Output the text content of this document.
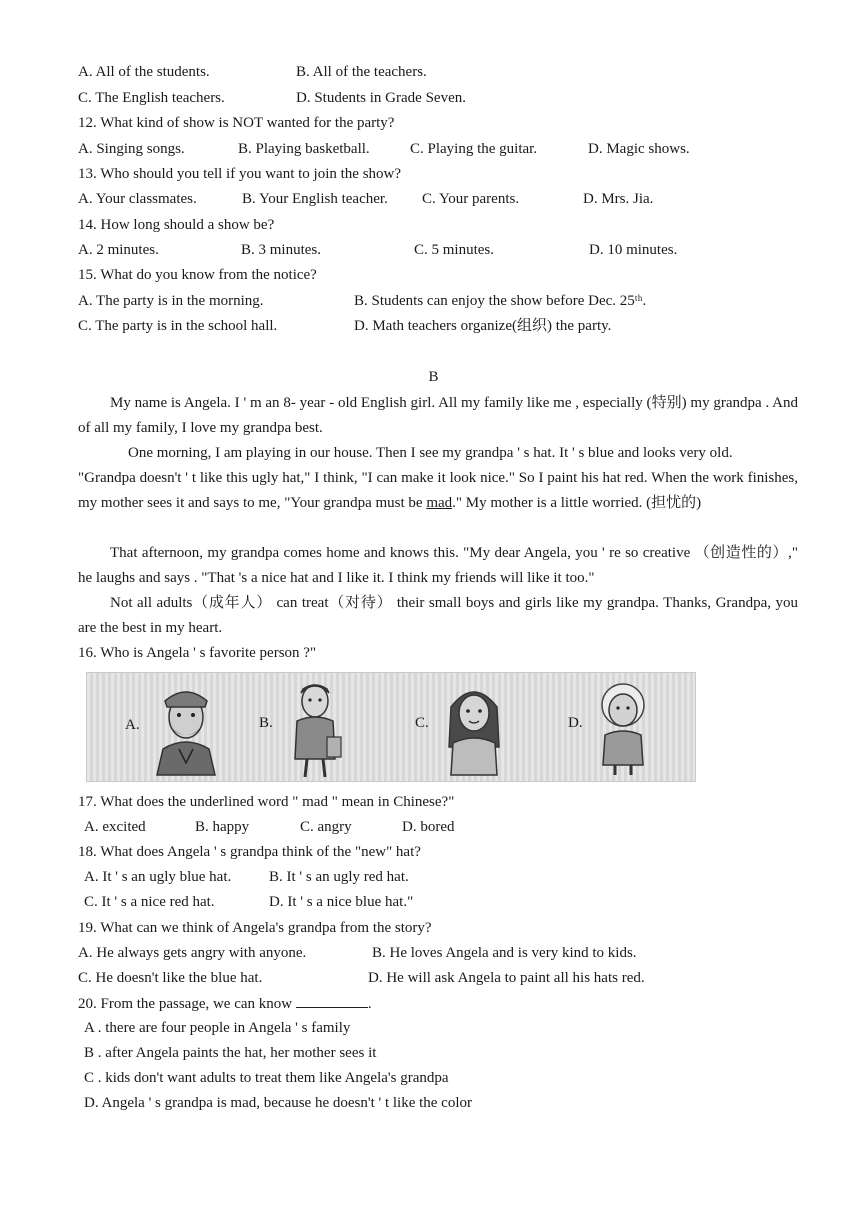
A. All of the students.	B. All of the teachers.
C. The English teachers.	D. Students in Grade Seven.
12. What kind of show is NOT wanted for the party?
A. Singing songs.	B. Playing basketball.	C. Playing the guitar.	D. Magic shows.
13. Who should you tell if you want to join the show?
A. Your classmates.	B. Your English teacher. C. Your parents.	D. Mrs. Jia.
14. How long should a show be?
A. 2 minutes.	B. 3 minutes.	C. 5 minutes.	D. 10 minutes.
15. What do you know from the notice?
A. The party is in the morning.	B. Students can enjoy the show before Dec. 25ᵗʰ.
C. The party is in the school hall.	D. Math teachers organize(组织) the party.
B
My name is Angela. I ' m an 8- year - old English girl. All my family like me , especially (特别) my grandpa . And of all my family, I love my grandpa best.
One morning, I am playing in our house. Then I see my grandpa ' s hat. It ' s blue and looks very old.
"Grandpa doesn't ' t like this ugly hat," I think, "I can make it look nice." So I paint his hat red. When the work finishes, my mother sees it and says to me, "Your grandpa must be mad." My mother is a little worried. (担忧的)
That afternoon, my grandpa comes home and knows this. "My dear Angela, you ' re so creative （创造性的）," he laughs and says . "That 's a nice hat and I like it. I think my friends will like it too."
Not all adults（成年人） can treat（对待） their small boys and girls like my grandpa. Thanks, Grandpa, you are the best in my heart.
16. Who is Angela ' s favorite person ?"
A.	B.	C.	D.
17. What does the underlined word " mad " mean in Chinese?"
A. excited	B. happy	C. angry	D. bored
18. What does Angela ' s grandpa think of the "new" hat?
A. It ' s an ugly blue hat.	B. It ' s an ugly red hat.
C. It ' s a nice red hat.	D. It ' s a nice blue hat."
19. What can we think of Angela's grandpa from the story?
A. He always gets angry with anyone.	B. He loves Angela and is very kind to kids.
C. He doesn't like the blue hat.	D. He will ask Angela to paint all his hats red.
20. From the passage, we can know	.
A . there are four people in Angela ' s family
B . after Angela paints the hat, her mother sees it
C . kids don't want adults to treat them like Angela's grandpa
D. Angela ' s grandpa is mad, because he doesn't ' t like the color
